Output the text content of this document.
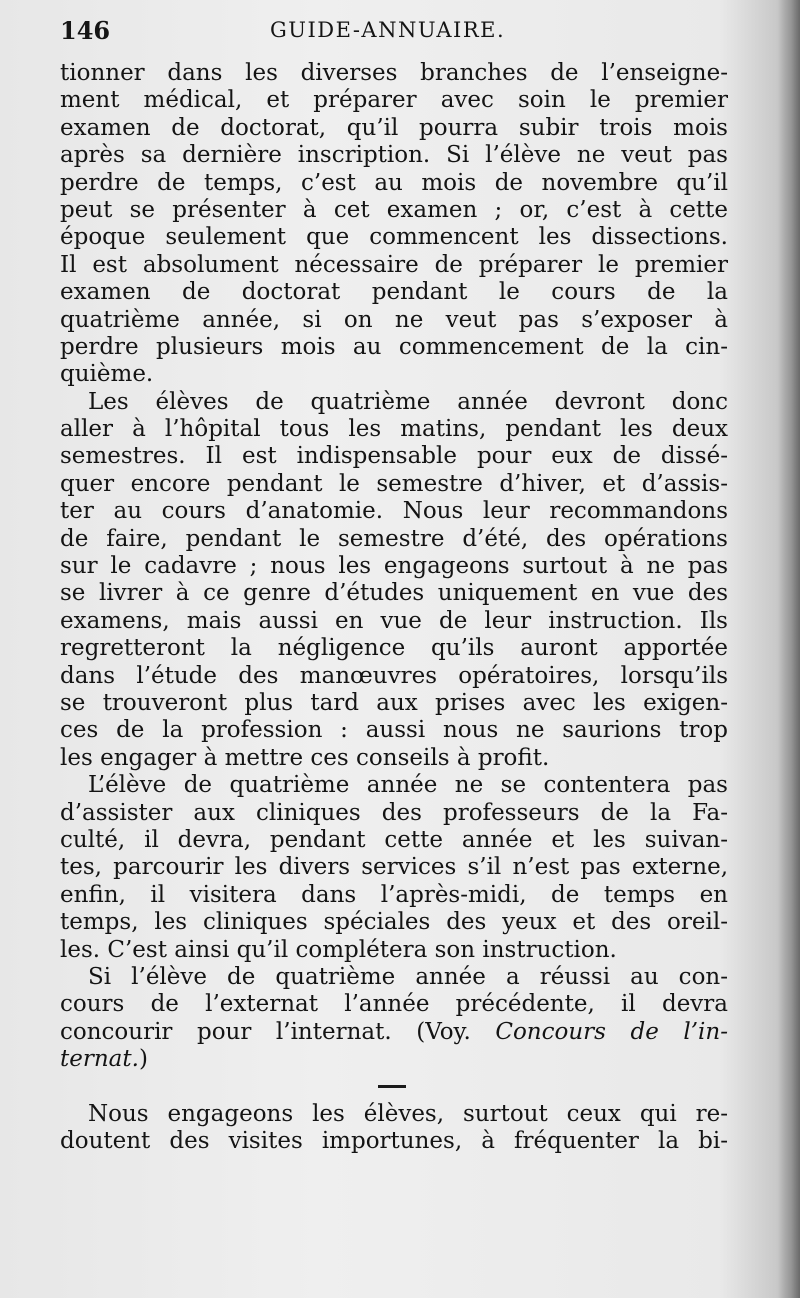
146	GUIDE-ANNUAIRE.
tionner dans les diverses branches de l’enseigne-
ment médical, et préparer avec soin le premier
examen de doctorat, qu’il pourra subir trois mois
après sa dernière inscription. Si l’élève ne veut pas
perdre de temps, c’est au mois de novembre qu’il
peut se présenter à cet examen ; or, c’est à cette
époque seulement que commencent les dissections.
Il est absolument nécessaire de préparer le premier
examen de doctorat pendant le cours de la
quatrième année, si on ne veut pas s’exposer à
perdre plusieurs mois au commencement de la cin-
quième.
Les élèves de quatrième année devront donc
aller à l’hôpital tous les matins, pendant les deux
semestres. Il est indispensable pour eux de dissé-
quer encore pendant le semestre d’hiver, et d’assis-
ter au cours d’anatomie. Nous leur recommandons
de faire, pendant le semestre d’été, des opérations
sur le cadavre ; nous les engageons surtout à ne pas
se livrer à ce genre d’études uniquement en vue des
examens, mais aussi en vue de leur instruction. Ils
regretteront la négligence qu’ils auront apportée
dans l’étude des manœuvres opératoires, lorsqu’ils
se trouveront plus tard aux prises avec les exigen-
ces de la profession : aussi nous ne saurions trop
les engager à mettre ces conseils à profit.
L’élève de quatrième année ne se contentera pas
d’assister aux cliniques des professeurs de la Fa-
culté, il devra, pendant cette année et les suivan-
tes, parcourir les divers services s’il n’est pas externe,
enfin, il visitera dans l’après-midi, de temps en
temps, les cliniques spéciales des yeux et des oreil-
les. C’est ainsi qu’il complétera son instruction.
Si l’élève de quatrième année a réussi au con-
cours de l’externat l’année précédente, il devra
concourir pour l’internat. (Voy. Concours de l’in-
ternat.)
Nous engageons les élèves, surtout ceux qui re-
doutent des visites importunes, à fréquenter la bi-
